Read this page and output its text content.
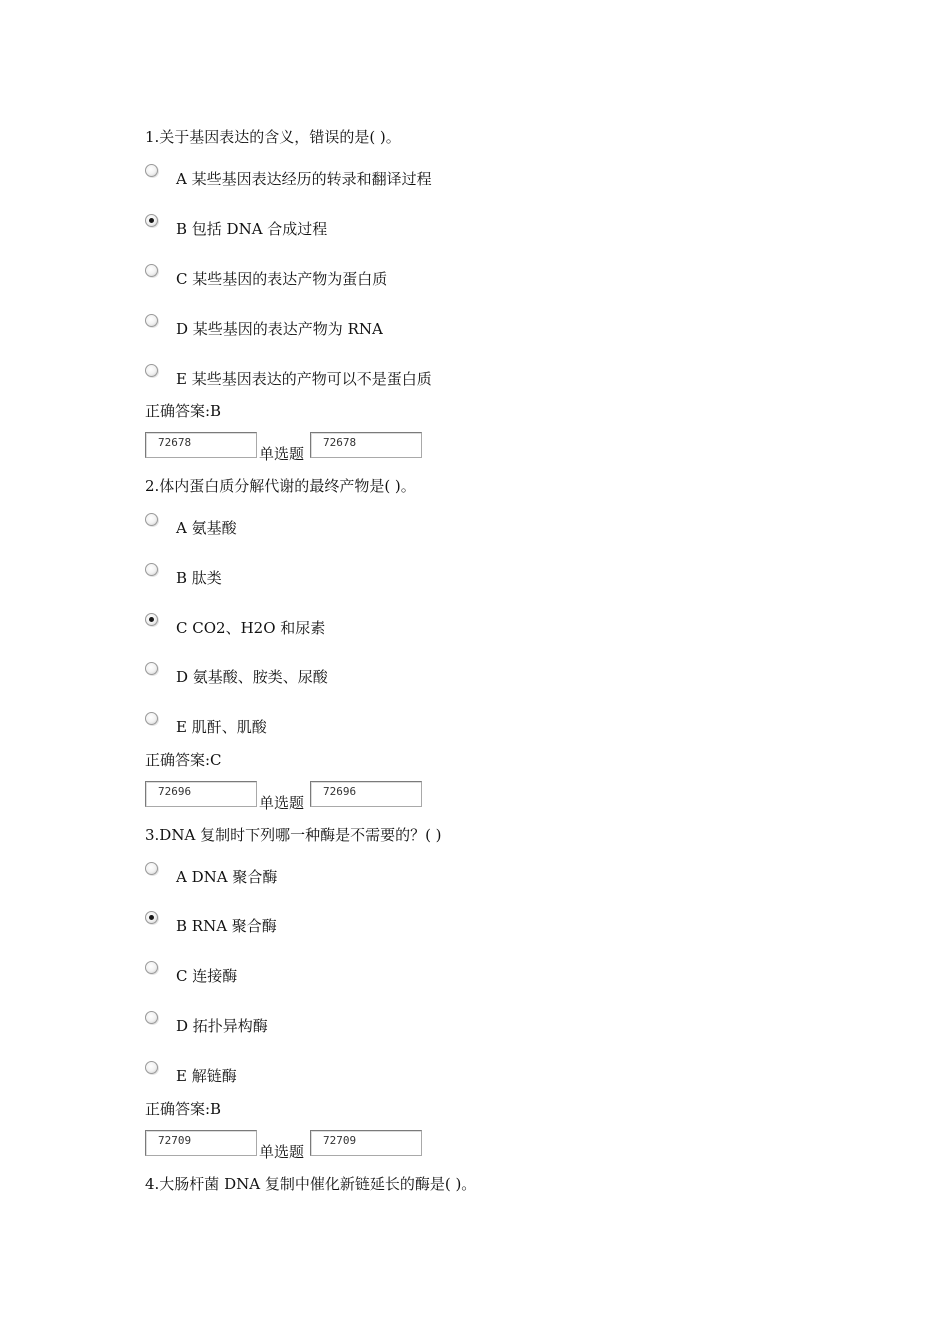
1.关于基因表达的含义，错误的是( )。
A 某些基因表达经历的转录和翻译过程
B 包括 DNA 合成过程
C 某些基因的表达产物为蛋白质
D 某些基因的表达产物为 RNA
E 某些基因表达的产物可以不是蛋白质
正确答案:B
72678
单选题
72678
2.体内蛋白质分解代谢的最终产物是( )。
A 氨基酸
B 肽类
C CO2、H2O 和尿素
D 氨基酸、胺类、尿酸
E 肌酐、肌酸
正确答案:C
72696
单选题
72696
3.DNA 复制时下列哪一种酶是不需要的？( )
A DNA 聚合酶
B RNA 聚合酶
C 连接酶
D 拓扑异构酶
E 解链酶
正确答案:B
72709
单选题
72709
4.大肠杆菌 DNA 复制中催化新链延长的酶是( )。
